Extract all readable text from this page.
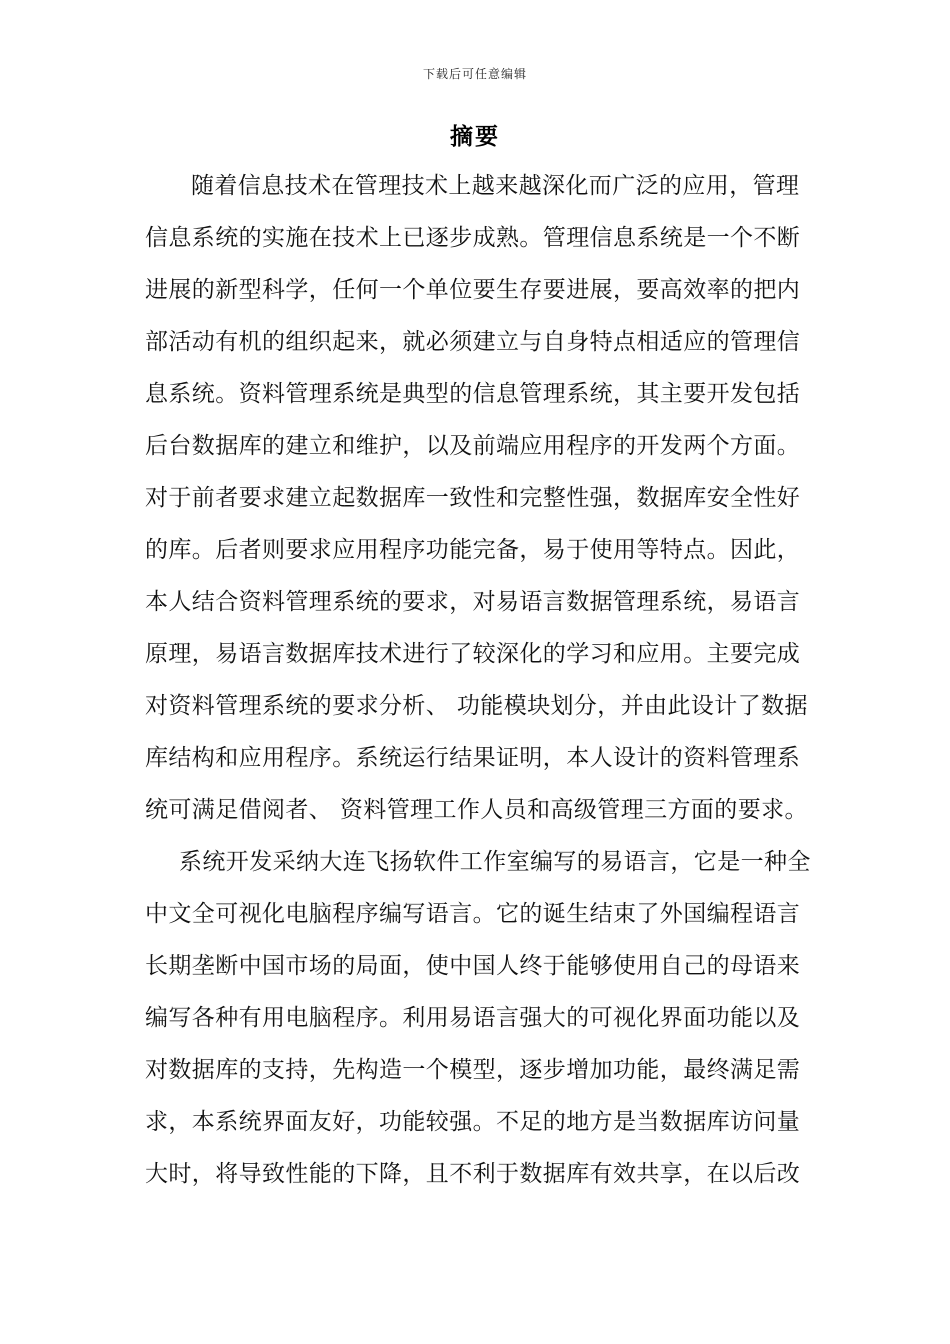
下载后可任意编辑
摘要
随着信息技术在管理技术上越来越深化而广泛的应用，管理
信息系统的实施在技术上已逐步成熟。管理信息系统是一个不断
进展的新型科学，任何一个单位要生存要进展，要高效率的把内
部活动有机的组织起来，就必须建立与自身特点相适应的管理信
息系统。资料管理系统是典型的信息管理系统，其主要开发包括
后台数据库的建立和维护，以及前端应用程序的开发两个方面。
对于前者要求建立起数据库一致性和完整性强，数据库安全性好
的库。后者则要求应用程序功能完备，易于使用等特点。因此，
本人结合资料管理系统的要求，对易语言数据管理系统，易语言
原理，易语言数据库技术进行了较深化的学习和应用。主要完成
对资料管理系统的要求分析、 功能模块划分，并由此设计了数据
库结构和应用程序。系统运行结果证明，本人设计的资料管理系
统可满足借阅者、 资料管理工作人员和高级管理三方面的要求。
系统开发采纳大连飞扬软件工作室编写的易语言，它是一种全
中文全可视化电脑程序编写语言。它的诞生结束了外国编程语言
长期垄断中国市场的局面，使中国人终于能够使用自己的母语来
编写各种有用电脑程序。利用易语言强大的可视化界面功能以及
对数据库的支持，先构造一个模型，逐步增加功能，最终满足需
求，本系统界面友好，功能较强。不足的地方是当数据库访问量
大时，将导致性能的下降，且不利于数据库有效共享，在以后改
